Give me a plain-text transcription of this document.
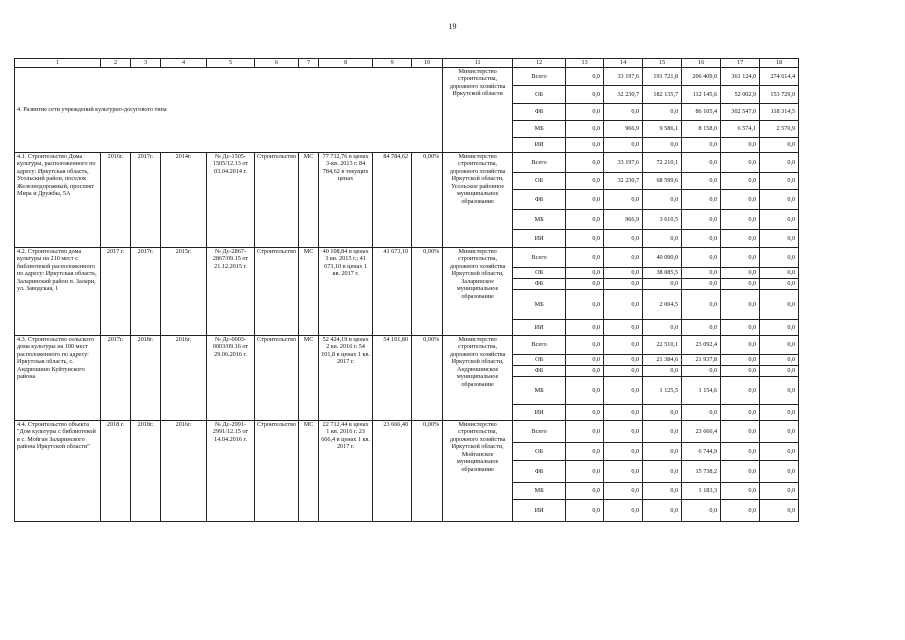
19
1	2	3	4	5	6	7	8	9	10	11	12	13	14	15	16	17	18
4. Развитие сети учреждений культурно-досугового типа										Министерство строительства, дорожного хозяйства Иркутской области	Всего	0,0	33 197,6	191 721,8	206 409,0	361 124,0	274 614,4
											ОБ	0,0	32 230,7	182 135,7	112 145,6	52 002,9	153 729,0
											ФБ	0,0	0,0	0,0	86 105,4	302 547,0	118 314,5
											МБ	0,0	966,9	9 586,1	8 158,0	6 574,1	2 570,9
											ИИ	0,0	0,0	0,0	0,0	0,0	0,0
4.1. Строительство Дома культуры, расположенного по адресу: Иркутская область, Усольский район, поселок Железнодорожный, проспект Мира и Дружбы, 5А	2016г.	2017г.	2014г.	№ Дс-1505-1505/12.13 от 03.04.2014 г.	Строительство	МС	77 712,76 в ценах 3-кв. 2013 г. 84 784,62 в текущих ценах	84 784,62	0,00%	Министерство строительства, дорожного хозяйства Иркутской области, Усольское районное муниципальное образование	Всего	0,0	33 197,6	72 210,1	0,0	0,0	0,0
											ОБ	0,0	32 230,7	68 599,6	0,0	0,0	0,0
											ФБ	0,0	0,0	0,0	0,0	0,0	0,0
											МБ	0,0	966,9	3 610,5	0,0	0,0	0,0
											ИИ	0,0	0,0	0,0	0,0	0,0	0,0
4.2. Строительство дома культуры на 210 мест с библиотекой расположенного по адресу: Иркутская область, Заларинский район п. Залари, ул. Заводская, 1	2017 г.	2017г.	2015г.	№ Дс-2867-2867/09.15 от 21.12.2015 г.	Строительство	МС	40 108,84 в ценах 3 кв. 2015 г.; 41 673,10 в ценах 1 кв. 2017 г.	41 673,10	0,00%	Министерство строительства, дорожного хозяйства Иркутской области, Заларинское муниципальное образование	Всего	0,0	0,0	40 090,0	0,0	0,0	0,0
											ОБ	0,0	0,0	38 085,5	0,0	0,0	0,0
											ФБ	0,0	0,0	0,0	0,0	0,0	0,0
											МБ	0,0	0,0	2 004,5	0,0	0,0	0,0
											ИИ	0,0	0,0	0,0	0,0	0,0	0,0
4.3. Строительство сельского дома культуры на 100 мест расположенного по адресу: Иркутская область, с. Андрюшино Куйтунского района	2017г.	2018г.	2016г.	№ Дс-0003-0003/09.16 от 29.06.2016 г.	Строительство	МС	52 424,19 в ценах 2 кв. 2016 г. 54 101,8 в ценах 1 кв. 2017 г.	54 101,80	0,00%	Министерство строительства, дорожного хозяйства Иркутской области, Андрюшинское муниципальное образование	Всего	0,0	0,0	22 510,1	23 092,4	0,0	0,0
											ОБ	0,0	0,0	21 384,6	21 937,8	0,0	0,0
											ФБ	0,0	0,0	0,0	0,0	0,0	0,0
											МБ	0,0	0,0	1 125,5	1 154,6	0,0	0,0
											ИИ	0,0	0,0	0,0	0,0	0,0	0,0
4.4. Строительство объекта "Дом культуры с библиотекой в с. Мойган Заларинского района Иркутской области"	2018 г.	2018г.	2016г.	№ Дс-2991-2991/12.15 от 14.04.2016 г.	Строительство	МС	22 712,44 в ценах 1 кв. 2016 г. 23 666,4 в ценах 1 кв. 2017 г.	23 666,40	0,00%	Министерство строительства, дорожного хозяйства Иркутской области, Мойганское муниципальное образование	Всего	0,0	0,0	0,0	23 666,4	0,0	0,0
											ОБ	0,0	0,0	0,0	6 744,9	0,0	0,0
											ФБ	0,0	0,0	0,0	15 738,2	0,0	0,0
											МБ	0,0	0,0	0,0	1 183,3	0,0	0,0
											ИИ	0,0	0,0	0,0	0,0	0,0	0,0
